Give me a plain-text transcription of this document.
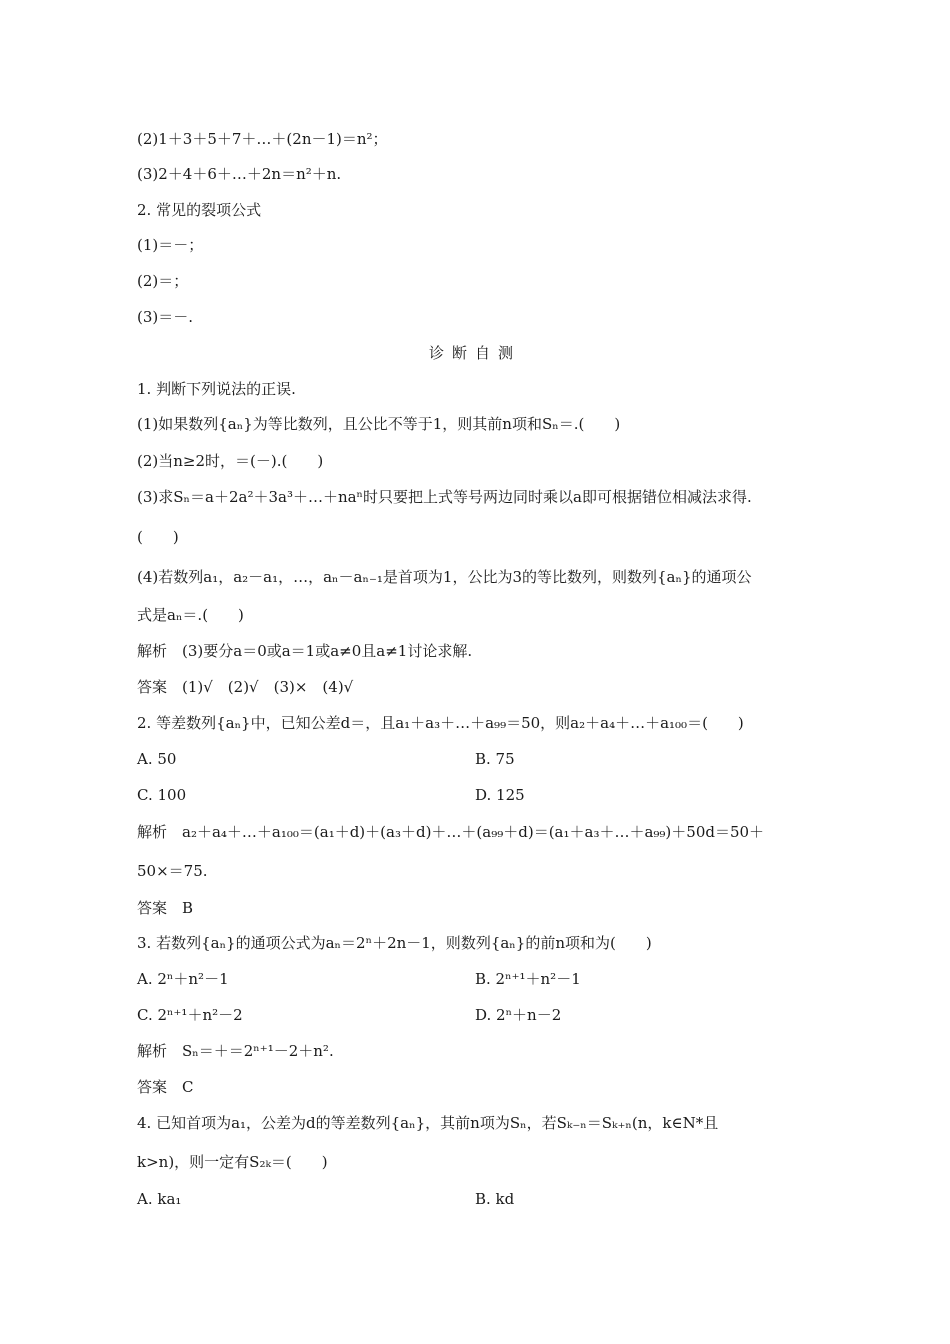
(2)1＋3＋5＋7＋…＋(2n－1)＝n²；
(3)2＋4＋6＋…＋2n＝n²＋n.
2. 常见的裂项公式
(1)＝－；
(2)＝；
(3)＝－.
诊断自测
1. 判断下列说法的正误.
(1)如果数列{aₙ}为等比数列，且公比不等于1，则其前n项和Sₙ＝.(　　)
(2)当n≥2时，＝(－).(　　)
(3)求Sₙ＝a＋2a²＋3a³＋…＋naⁿ时只要把上式等号两边同时乘以a即可根据错位相减法求得.
(　　)
(4)若数列a₁，a₂－a₁，…，aₙ－aₙ₋₁是首项为1，公比为3的等比数列，则数列{aₙ}的通项公
式是aₙ＝.(　　)
解析　(3)要分a＝0或a＝1或a≠0且a≠1讨论求解.
答案　(1)√　(2)√　(3)×　(4)√
2. 等差数列{aₙ}中，已知公差d＝，且a₁＋a₃＋…＋a₉₉＝50，则a₂＋a₄＋…＋a₁₀₀＝(　　)
A. 50	B. 75
C. 100	D. 125
解析　a₂＋a₄＋…＋a₁₀₀＝(a₁＋d)＋(a₃＋d)＋…＋(a₉₉＋d)＝(a₁＋a₃＋…＋a₉₉)＋50d＝50＋
50×＝75.
答案　B
3. 若数列{aₙ}的通项公式为aₙ＝2ⁿ＋2n－1，则数列{aₙ}的前n项和为(　　)
A. 2ⁿ＋n²－1	B. 2ⁿ⁺¹＋n²－1
C. 2ⁿ⁺¹＋n²－2	D. 2ⁿ＋n－2
解析　Sₙ＝＋＝2ⁿ⁺¹－2＋n².
答案　C
4. 已知首项为a₁，公差为d的等差数列{aₙ}，其前n项为Sₙ，若Sₖ₋ₙ＝Sₖ₊ₙ(n，k∈N*且
k>n)，则一定有S₂ₖ＝(　　)
A. ka₁	B. kd
